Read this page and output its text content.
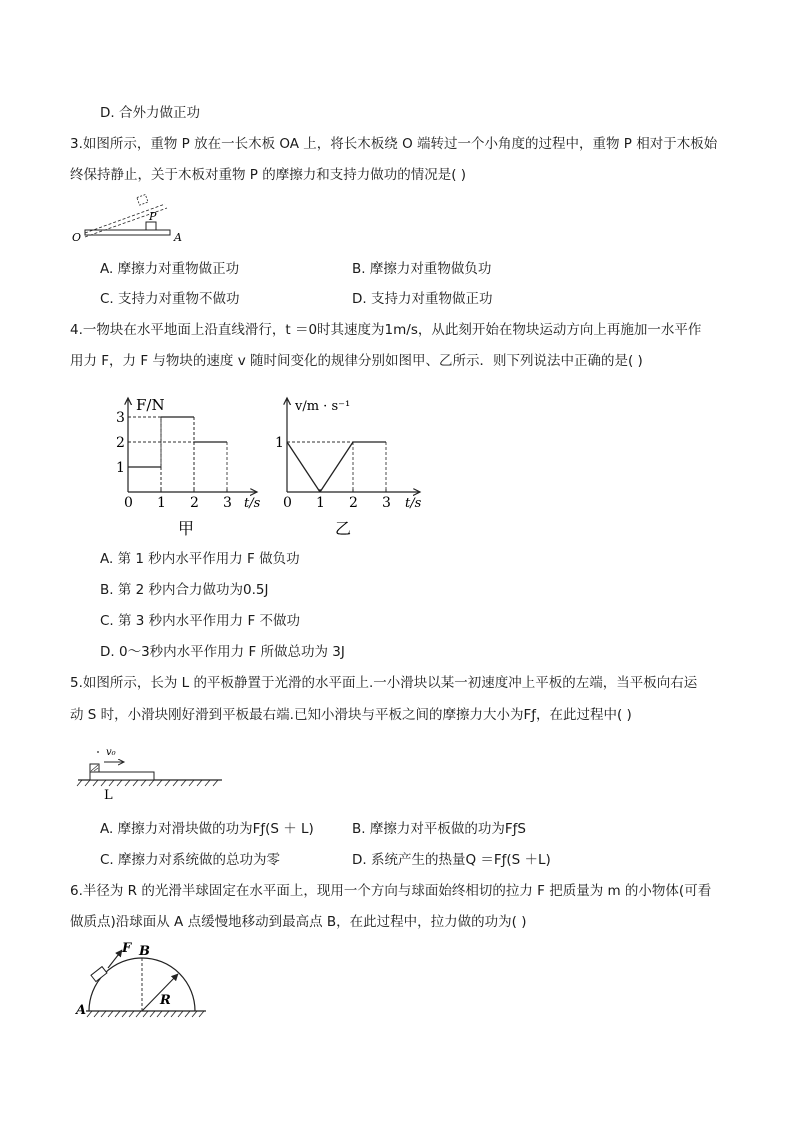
D. 合外力做正功
3.如图所示，重物 P 放在一长木板 OA 上，将长木板绕 O 端转过一个小角度的过程中，重物 P 相对于木板始
终保持静止，关于木板对重物 P 的摩擦力和支持力做功的情况是( )
O
P
A
A. 摩擦力对重物做正功	B. 摩擦力对重物做负功
C. 支持力对重物不做功	D. 支持力对重物做正功
4.一物块在水平地面上沿直线滑行，t ＝0时其速度为1m/s，从此刻开始在物块运动方向上再施加一水平作
用力 F，力 F 与物块的速度 v 随时间变化的规律分别如图甲、乙所示．则下列说法中正确的是( )
0 1 2 3
1
2
3
F/N
t/s
甲
0 1 2 3
1
v/m · s⁻¹
t/s
乙
A. 第 1 秒内水平作用力 F 做负功
B. 第 2 秒内合力做功为0.5J
C. 第 3 秒内水平作用力 F 不做功
D. 0～3秒内水平作用力 F 所做总功为 3J
5.如图所示，长为 L 的平板静置于光滑的水平面上.一小滑块以某一初速度冲上平板的左端，当平板向右运
动 S 时，小滑块刚好滑到平板最右端.已知小滑块与平板之间的摩擦力大小为Fƒ，在此过程中( )
v₀
L
A. 摩擦力对滑块做的功为Fƒ(S ＋ L)	B. 摩擦力对平板做的功为FƒS
C. 摩擦力对系统做的总功为零	D. 系统产生的热量Q ＝Fƒ(S ＋L)
6.半径为 R 的光滑半球固定在水平面上，现用一个方向与球面始终相切的拉力 F 把质量为 m 的小物体(可看
做质点)沿球面从 A 点缓慢地移动到最高点 B，在此过程中，拉力做的功为( )
F B
A
R
